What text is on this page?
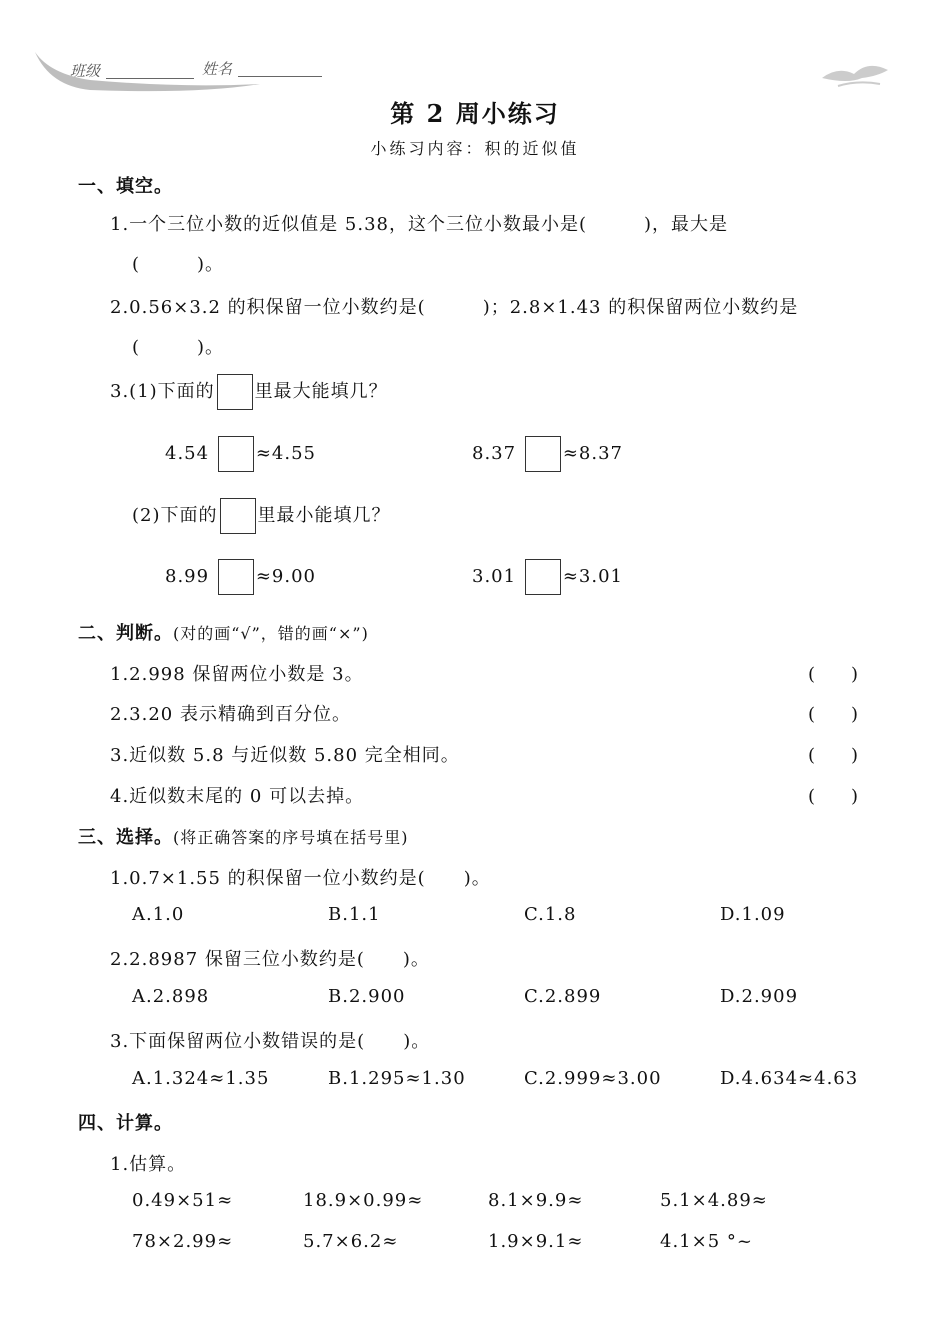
班级	姓名
第 2 周小练习
小练习内容：积的近似值
一、填空。
1.一个三位小数的近似值是 5.38，这个三位小数最小是(　　　)，最大是
(　　　)。
2.0.56×3.2 的积保留一位小数约是(　　　)；2.8×1.43 的积保留两位小数约是
(　　　)。
3.(1)下面的 里最大能填几？
4.54	≈4.55	8.37	≈8.37
(2)下面的 里最小能填几？
8.99	≈9.00	3.01	≈3.01
二、判断。(对的画“√”，错的画“×”)
1.2.998 保留两位小数是 3。	(　　)
2.3.20 表示精确到百分位。	(　　)
3.近似数 5.8 与近似数 5.80 完全相同。	(　　)
4.近似数末尾的 0 可以去掉。	(　　)
三、选择。(将正确答案的序号填在括号里)
1.0.7×1.55 的积保留一位小数约是(　　)。
A.1.0	B.1.1	C.1.8	D.1.09
2.2.8987 保留三位小数约是(　　)。
A.2.898	B.2.900	C.2.899	D.2.909
3.下面保留两位小数错误的是(　　)。
A.1.324≈1.35	B.1.295≈1.30	C.2.999≈3.00	D.4.634≈4.63
四、计算。
1.估算。
0.49×51≈	18.9×0.99≈	8.1×9.9≈	5.1×4.89≈
78×2.99≈	5.7×6.2≈	1.9×9.1≈	4.1×5 °~
